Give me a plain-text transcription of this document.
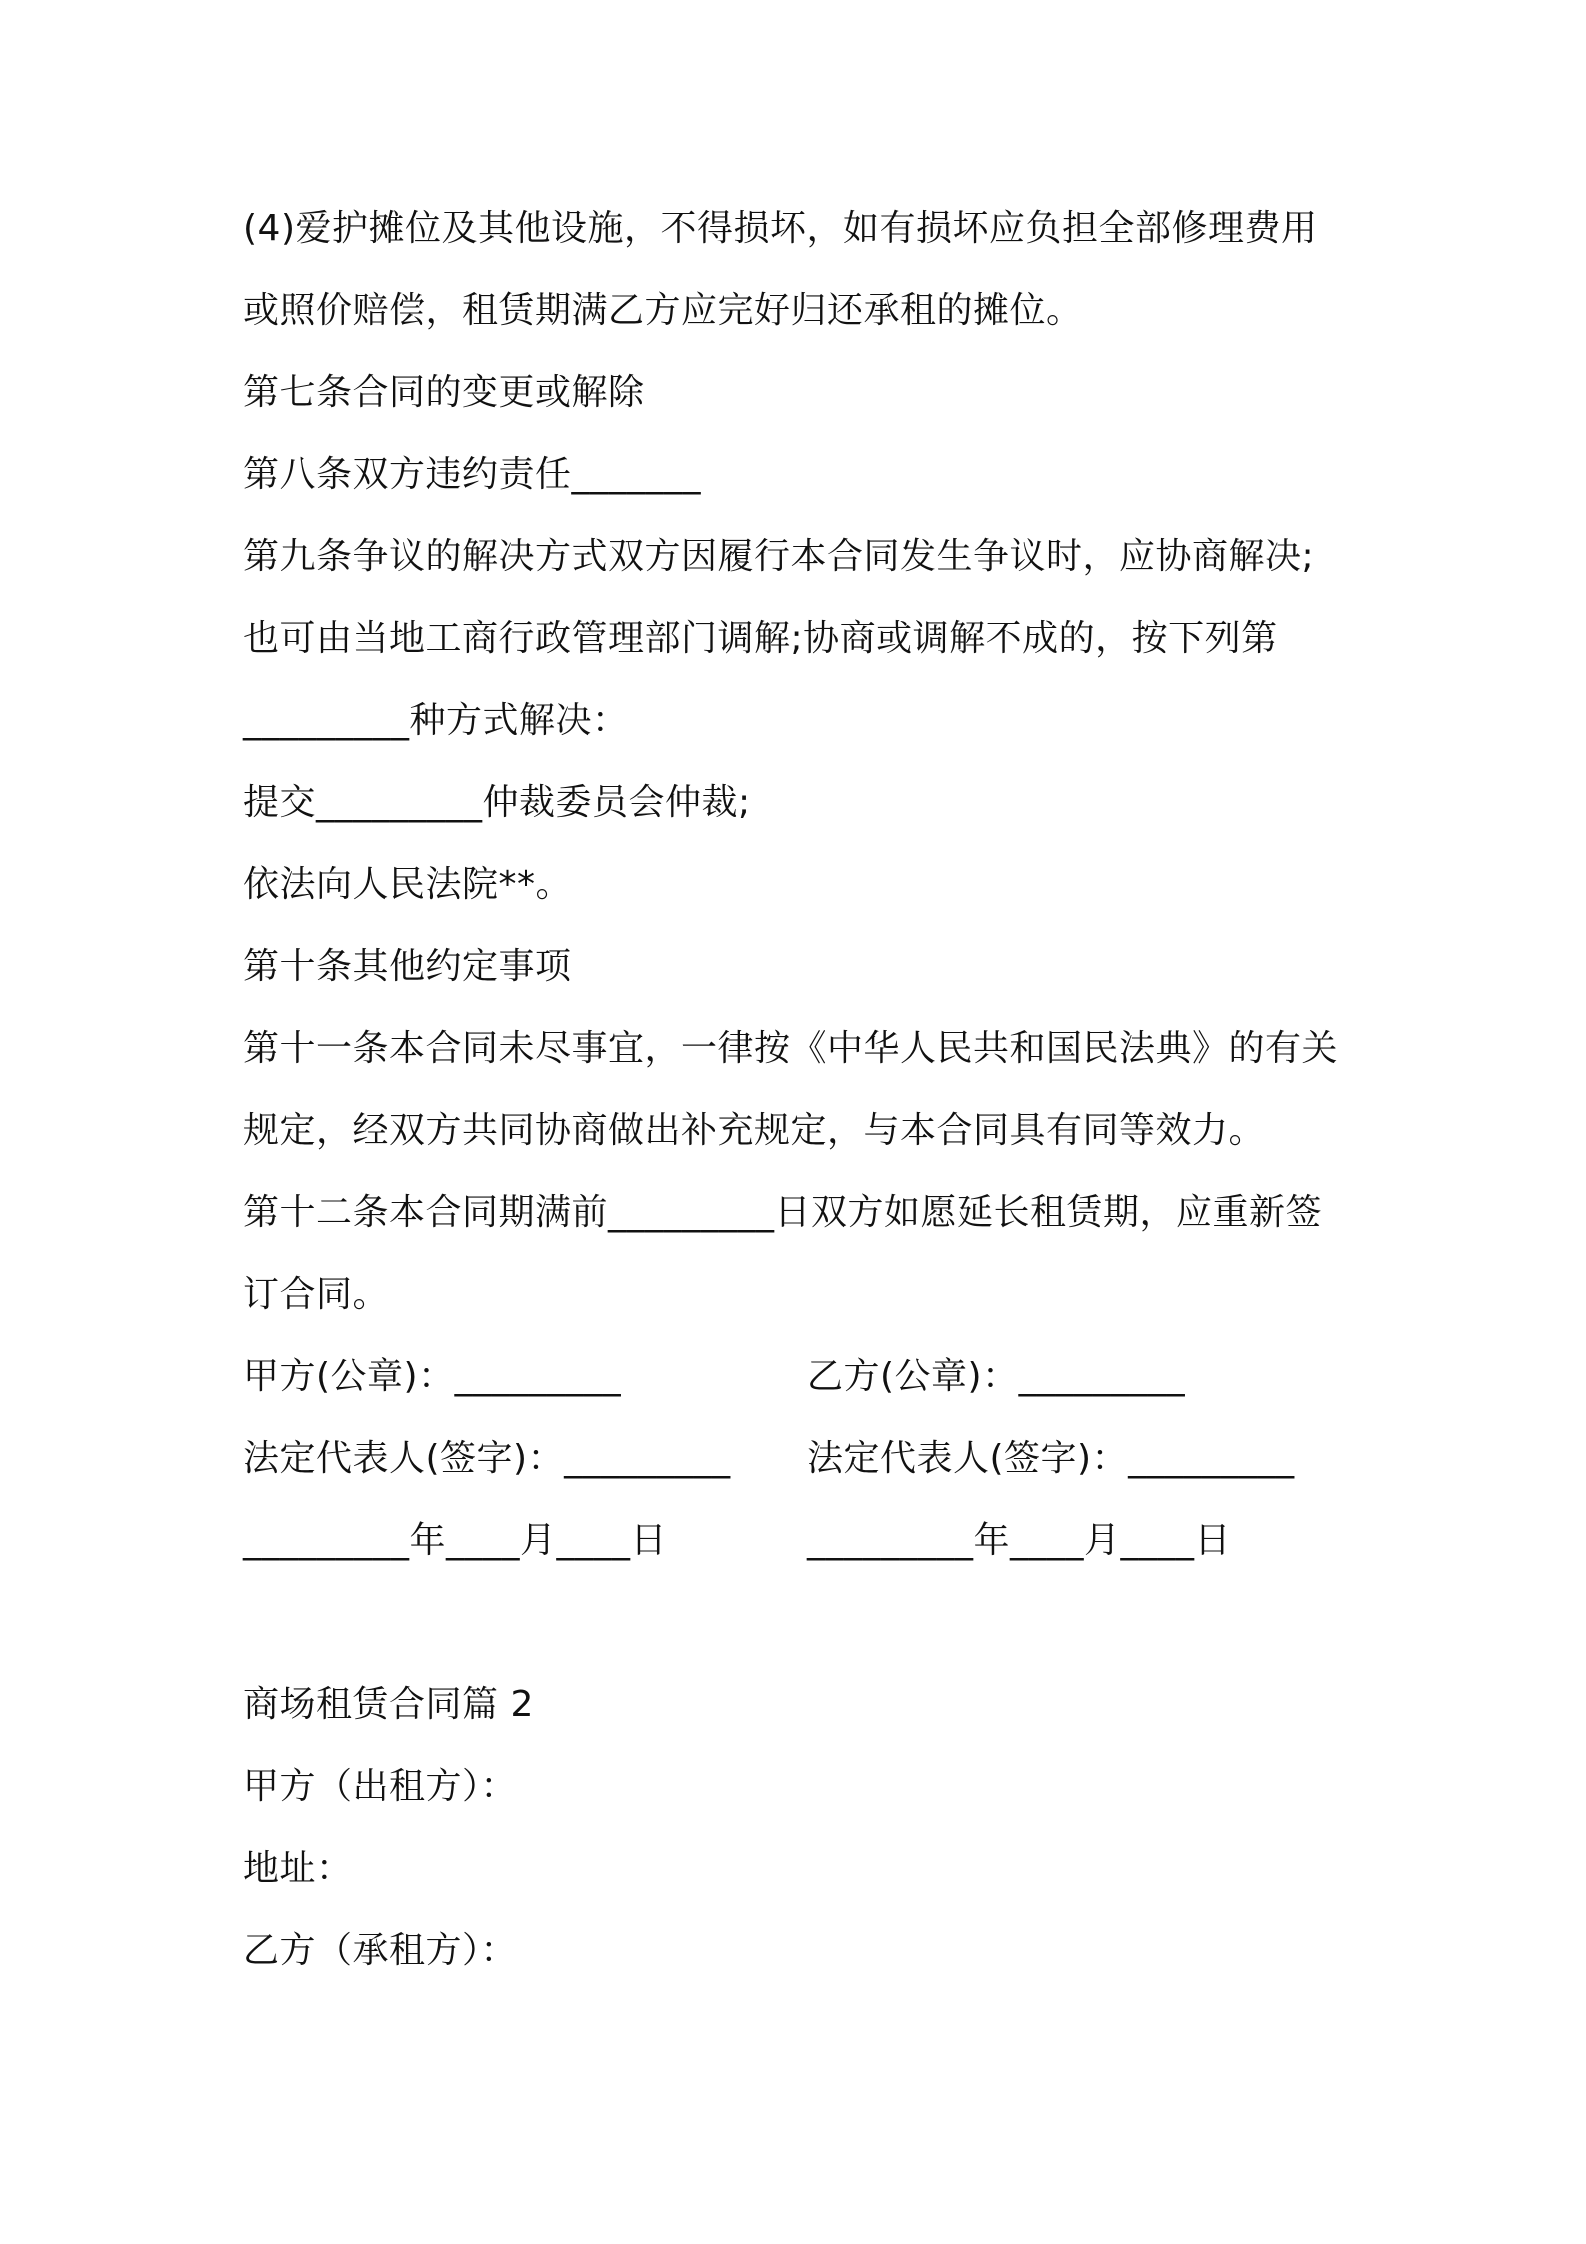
(4)爱护摊位及其他设施，不得损坏，如有损坏应负担全部修理费用
或照价赔偿，租赁期满乙方应完好归还承租的摊位。
第七条合同的变更或解除
第八条双方违约责任_______
第九条争议的解决方式双方因履行本合同发生争议时，应协商解决;
也可由当地工商行政管理部门调解;协商或调解不成的，按下列第
_________种方式解决：
提交_________仲裁委员会仲裁;
依法向人民法院**。
第十条其他约定事项
第十一条本合同未尽事宜，一律按《中华人民共和国民法典》的有关
规定，经双方共同协商做出补充规定，与本合同具有同等效力。
第十二条本合同期满前_________日双方如愿延长租赁期，应重新签
订合同。
甲方(公章)：_________	乙方(公章)：_________
法定代表人(签字)：_________ 法定代表人(签字)：_________
_________年____月____日	_________年____月____日
商场租赁合同篇 2
甲方（出租方）：
地址：
乙方（承租方）：
